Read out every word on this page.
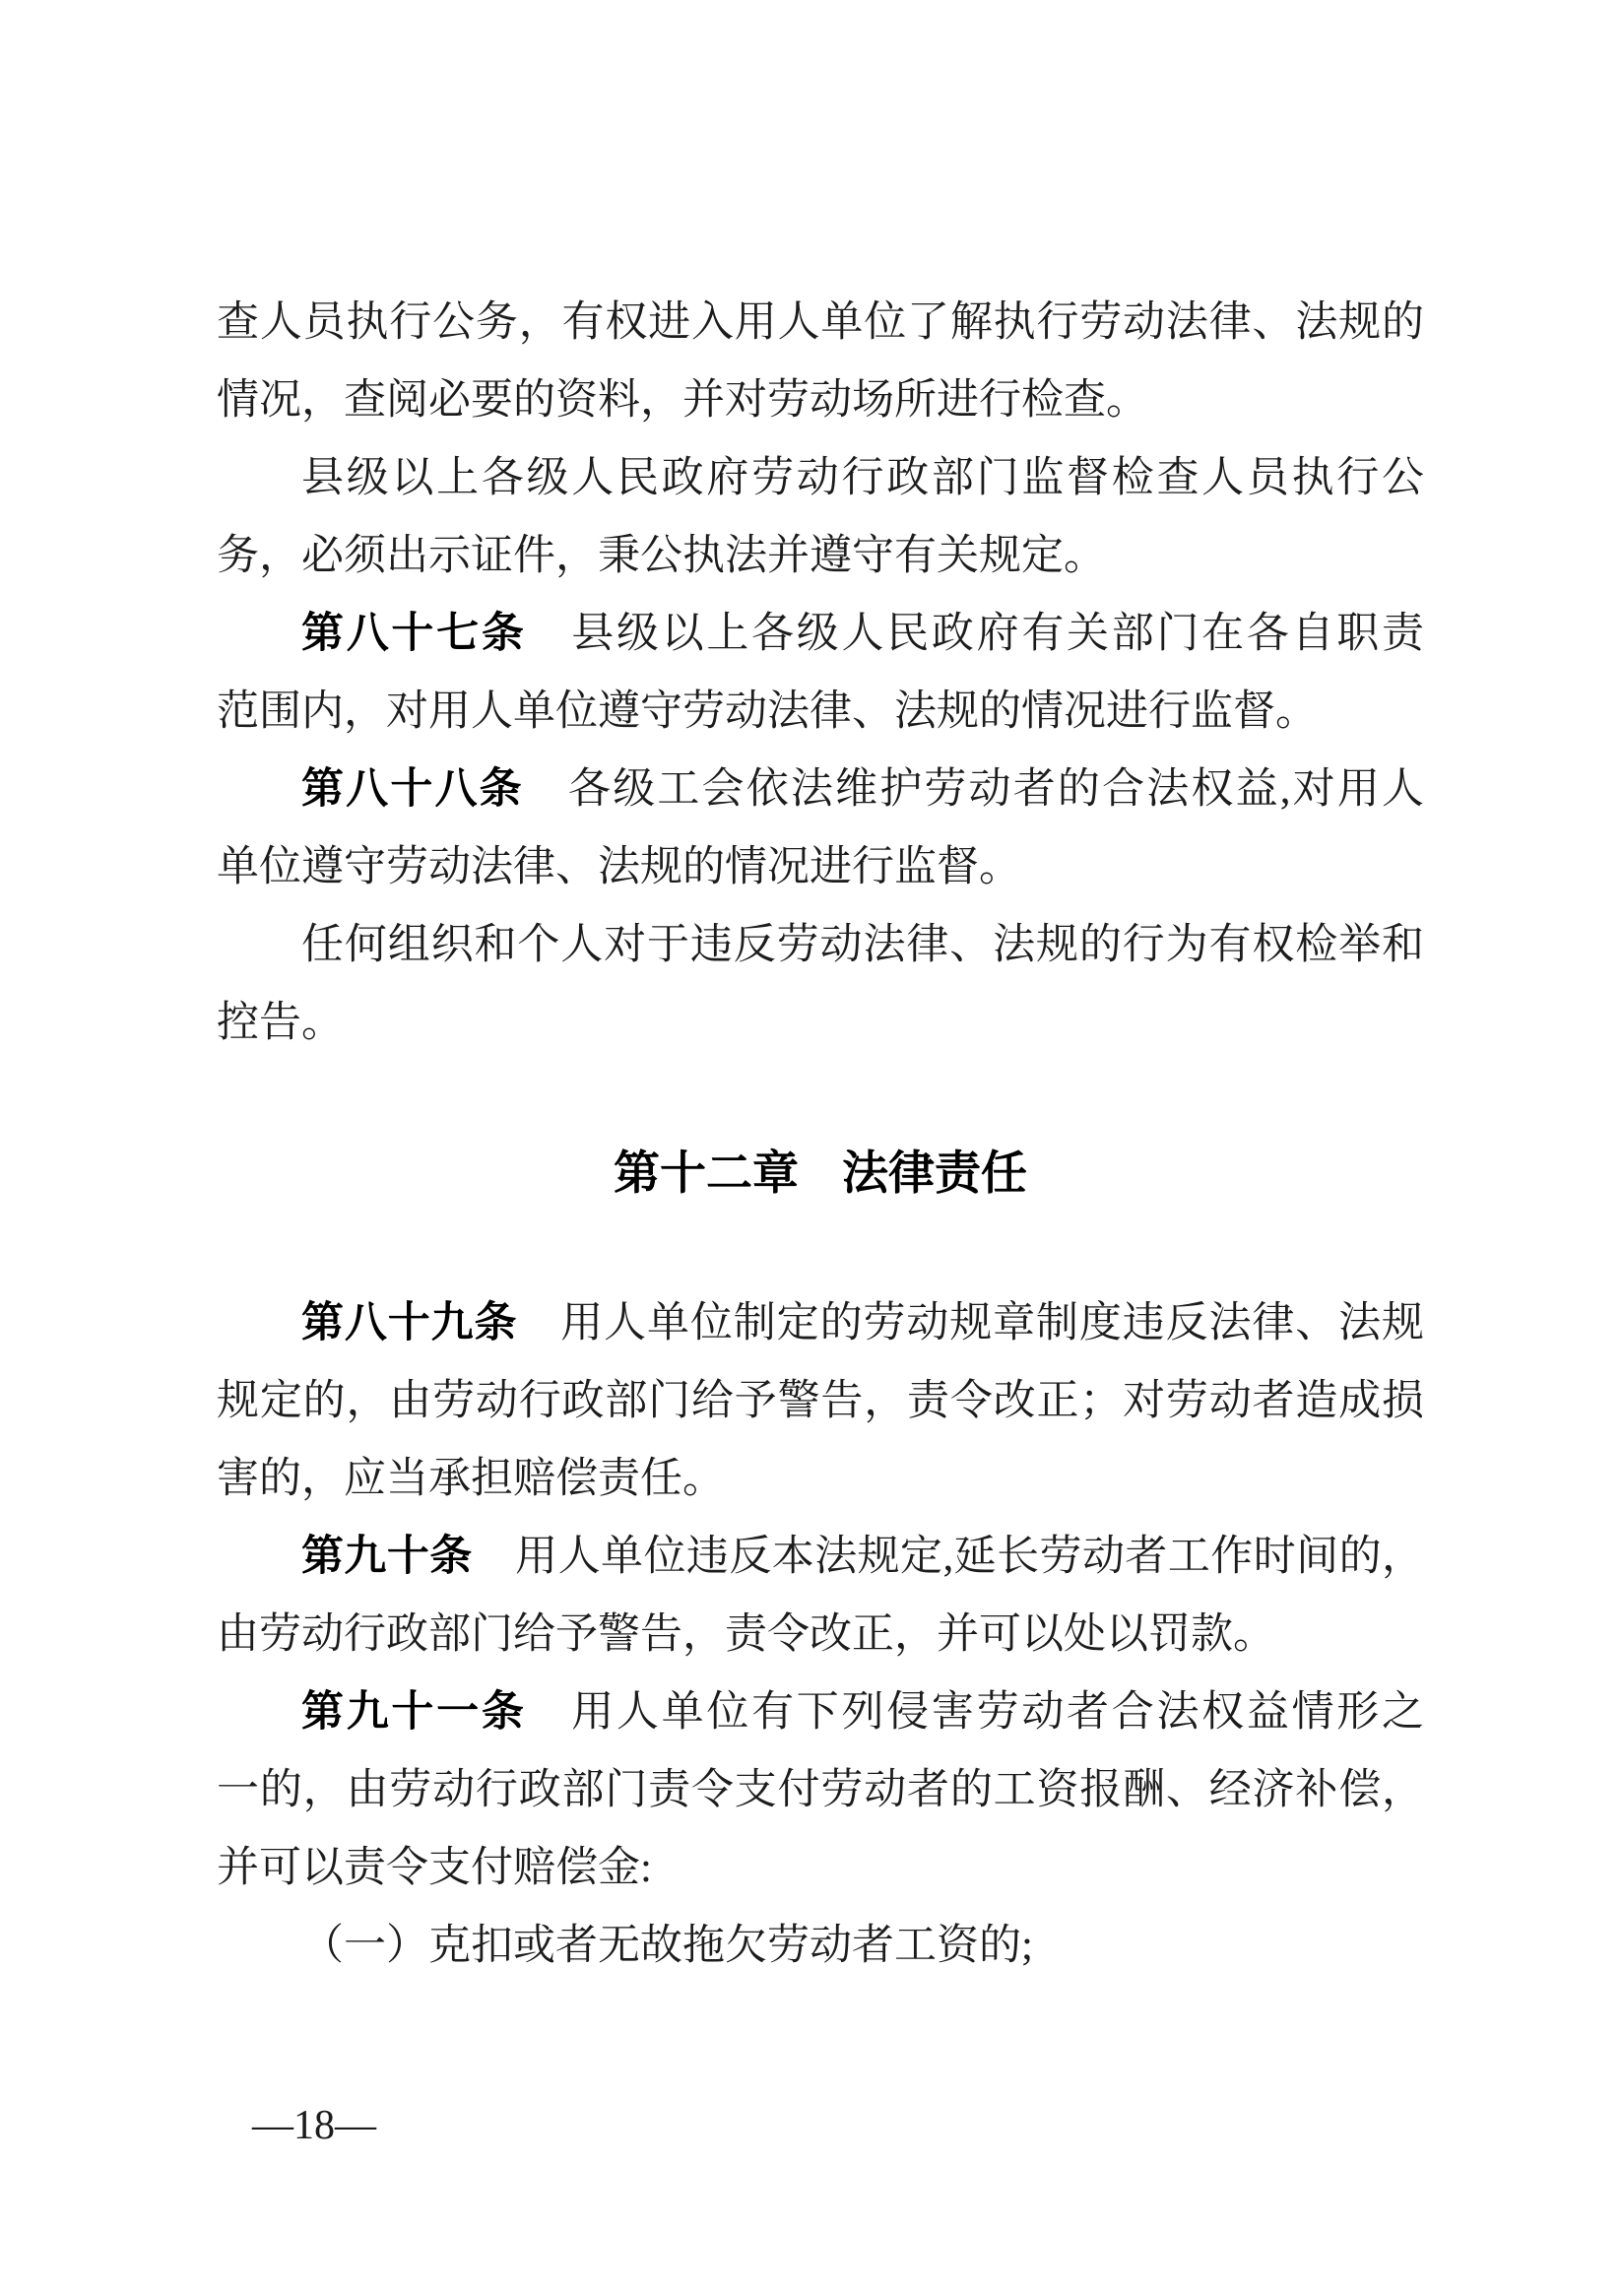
查人员执行公务，有权进入用人单位了解执行劳动法律、法规的
情况，查阅必要的资料，并对劳动场所进行检查。
县级以上各级人民政府劳动行政部门监督检查人员执行公
务，必须出示证件，秉公执法并遵守有关规定。
第八十七条　县级以上各级人民政府有关部门在各自职责
范围内，对用人单位遵守劳动法律、法规的情况进行监督。
第八十八条　各级工会依法维护劳动者的合法权益,对用人
单位遵守劳动法律、法规的情况进行监督。
任何组织和个人对于违反劳动法律、法规的行为有权检举和
控告。
第十二章 法律责任
第八十九条　用人单位制定的劳动规章制度违反法律、法规
规定的，由劳动行政部门给予警告，责令改正；对劳动者造成损
害的，应当承担赔偿责任。
第九十条　用人单位违反本法规定,延长劳动者工作时间的，
由劳动行政部门给予警告，责令改正，并可以处以罚款。
第九十一条　用人单位有下列侵害劳动者合法权益情形之
一的，由劳动行政部门责令支付劳动者的工资报酬、经济补偿，
并可以责令支付赔偿金:
（一）克扣或者无故拖欠劳动者工资的;
—18—
